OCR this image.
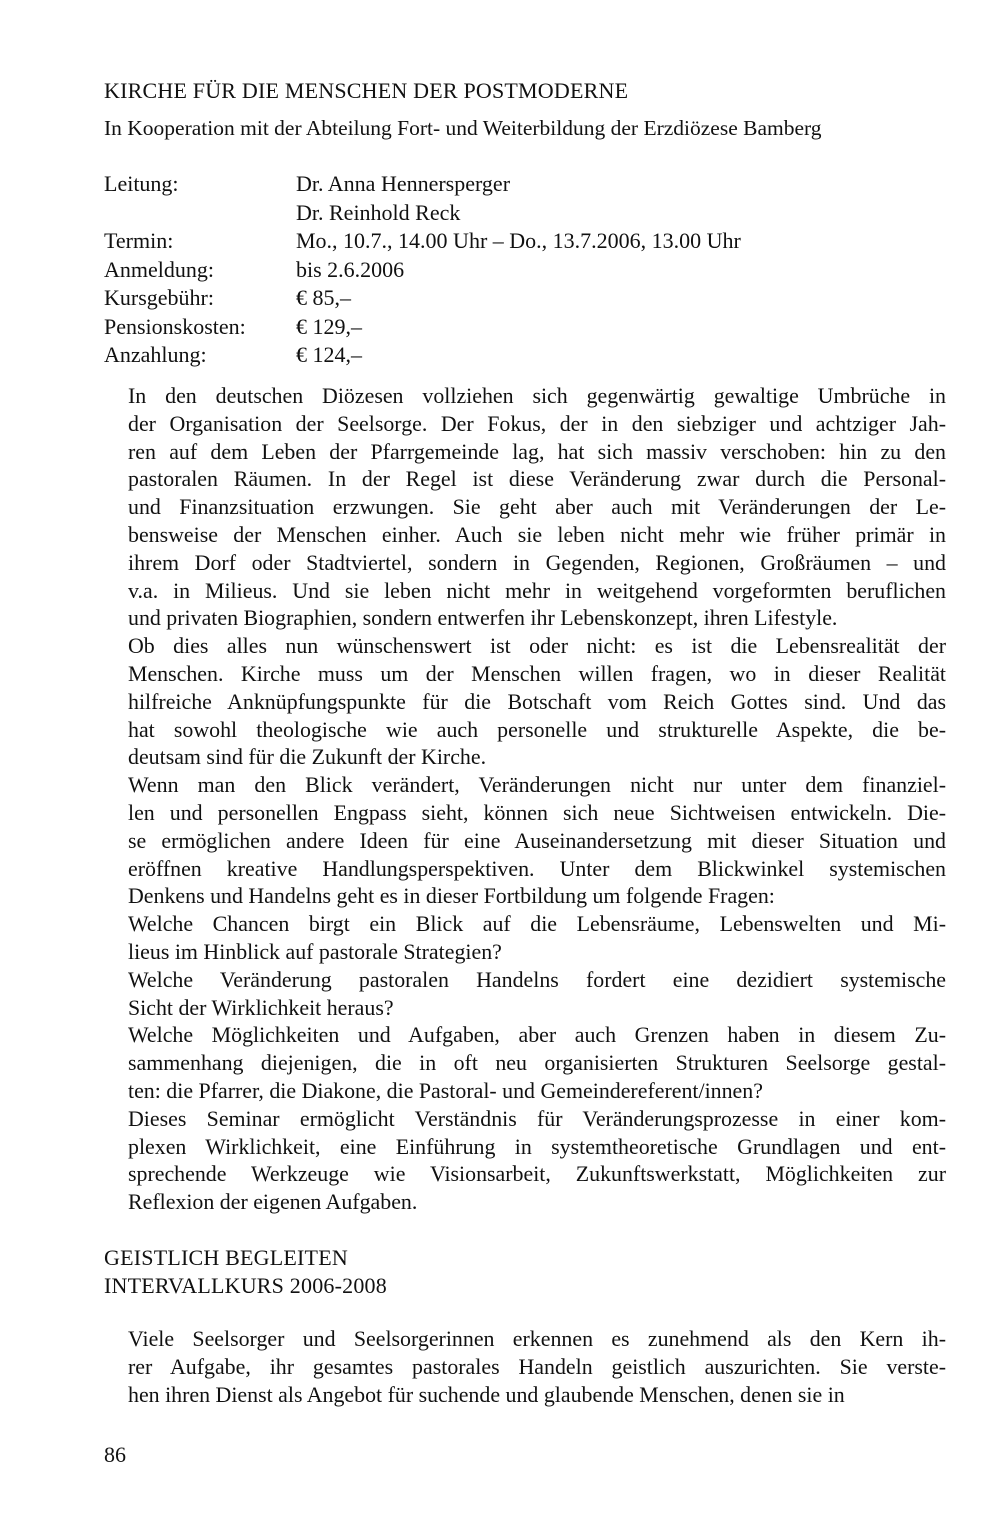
KIRCHE FÜR DIE MENSCHEN DER POSTMODERNE

In Kooperation mit der Abteilung Fort- und Weiterbildung der Erzdiözese Bamberg

Leitung:	Dr. Anna Hennersperger
Dr. Reinhold Reck
Termin:	Mo., 10.7., 14.00 Uhr – Do., 13.7.2006, 13.00 Uhr
Anmeldung:	bis 2.6.2006
Kursgebühr:	€ 85,–
Pensionskosten:	€ 129,–
Anzahlung:	€ 124,–

In den deutschen Diözesen vollziehen sich gegenwärtig gewaltige Umbrüche in
der Organisation der Seelsorge. Der Fokus, der in den siebziger und achtziger Jah-
ren auf dem Leben der Pfarrgemeinde lag, hat sich massiv verschoben: hin zu den
pastoralen Räumen. In der Regel ist diese Veränderung zwar durch die Personal-
und Finanzsituation erzwungen. Sie geht aber auch mit Veränderungen der Le-
bensweise der Menschen einher. Auch sie leben nicht mehr wie früher primär in
ihrem Dorf oder Stadtviertel, sondern in Gegenden, Regionen, Großräumen – und
v.a. in Milieus. Und sie leben nicht mehr in weitgehend vorgeformten beruflichen
und privaten Biographien, sondern entwerfen ihr Lebenskonzept, ihren Lifestyle.

Ob dies alles nun wünschenswert ist oder nicht: es ist die Lebensrealität der
Menschen. Kirche muss um der Menschen willen fragen, wo in dieser Realität
hilfreiche Anknüpfungspunkte für die Botschaft vom Reich Gottes sind. Und das
hat sowohl theologische wie auch personelle und strukturelle Aspekte, die be-
deutsam sind für die Zukunft der Kirche.

Wenn man den Blick verändert, Veränderungen nicht nur unter dem finanziel-
len und personellen Engpass sieht, können sich neue Sichtweisen entwickeln. Die-
se ermöglichen andere Ideen für eine Auseinandersetzung mit dieser Situation und
eröffnen kreative Handlungsperspektiven. Unter dem Blickwinkel systemischen
Denkens und Handelns geht es in dieser Fortbildung um folgende Fragen:

Welche Chancen birgt ein Blick auf die Lebensräume, Lebenswelten und Mi-
lieus im Hinblick auf pastorale Strategien?

Welche Veränderung pastoralen Handelns fordert eine dezidiert systemische
Sicht der Wirklichkeit heraus?

Welche Möglichkeiten und Aufgaben, aber auch Grenzen haben in diesem Zu-
sammenhang diejenigen, die in oft neu organisierten Strukturen Seelsorge gestal-
ten: die Pfarrer, die Diakone, die Pastoral- und Gemeindereferent/innen?

Dieses Seminar ermöglicht Verständnis für Veränderungsprozesse in einer kom-
plexen Wirklichkeit, eine Einführung in systemtheoretische Grundlagen und ent-
sprechende Werkzeuge wie Visionsarbeit, Zukunftswerkstatt, Möglichkeiten zur
Reflexion der eigenen Aufgaben.

GEISTLICH BEGLEITEN
INTERVALLKURS 2006-2008

Viele Seelsorger und Seelsorgerinnen erkennen es zunehmend als den Kern ih-
rer Aufgabe, ihr gesamtes pastorales Handeln geistlich auszurichten. Sie verste-
hen ihren Dienst als Angebot für suchende und glaubende Menschen, denen sie in

86
